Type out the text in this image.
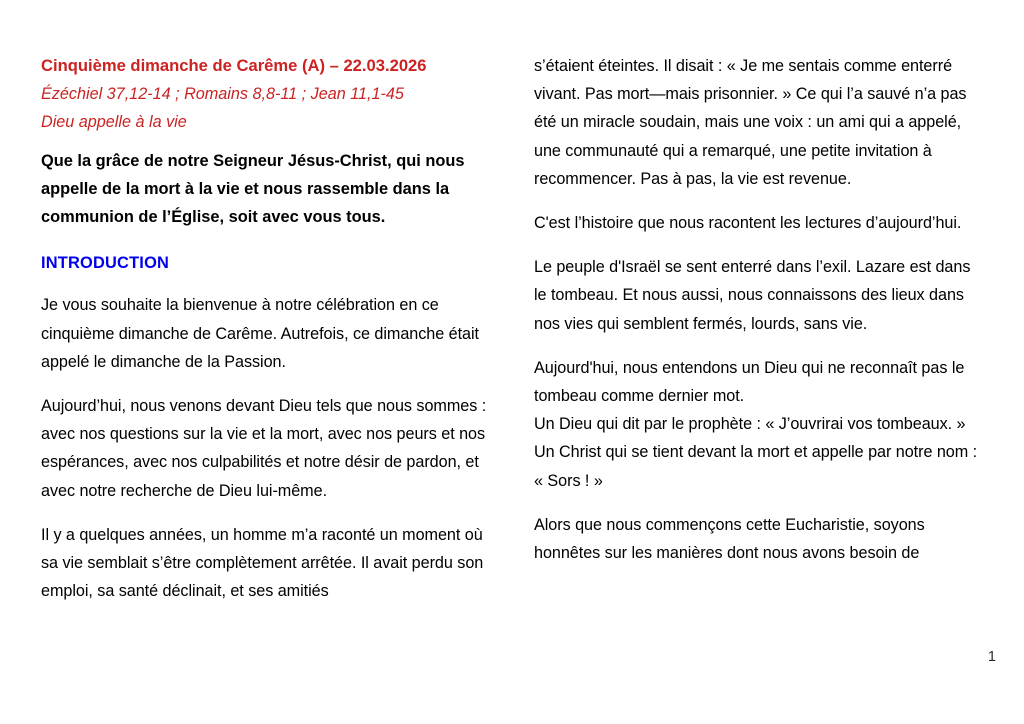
Cinquième dimanche de Carême (A) – 22.03.2026

Ézéchiel 37,12-14 ; Romains 8,8-11 ; Jean 11,1-45

Dieu appelle à la vie

Que la grâce de notre Seigneur Jésus-Christ, qui nous appelle de la mort à la vie et nous rassemble dans la communion de l’Église, soit avec vous tous.

INTRODUCTION

Je vous souhaite la bienvenue à notre célébration en ce cinquième dimanche de Carême. Autrefois, ce dimanche était appelé le dimanche de la Passion.

Aujourd’hui, nous venons devant Dieu tels que nous sommes : avec nos questions sur la vie et la mort, avec nos peurs et nos espérances, avec nos culpabilités et notre désir de pardon, et avec notre recherche de Dieu lui-même.

Il y a quelques années, un homme m’a raconté un moment où sa vie semblait s’être complètement arrêtée. Il avait perdu son emploi, sa santé déclinait, et ses amitiés

s’étaient éteintes. Il disait : « Je me sentais comme enterré vivant. Pas mort—mais prisonnier. » Ce qui l’a sauvé n’a pas été un miracle soudain, mais une voix : un ami qui a appelé, une communauté qui a remarqué, une petite invitation à recommencer. Pas à pas, la vie est revenue.

C'est l’histoire que nous racontent les lectures d’aujourd’hui.

Le peuple d'Israël se sent enterré dans l’exil. Lazare est dans le tombeau. Et nous aussi, nous connaissons des lieux dans nos vies qui semblent fermés, lourds, sans vie.

Aujourd'hui, nous entendons un Dieu qui ne reconnaît pas le tombeau comme dernier mot.
Un Dieu qui dit par le prophète : « J’ouvrirai vos tombeaux. »
Un Christ qui se tient devant la mort et appelle par notre nom : « Sors ! »

Alors que nous commençons cette Eucharistie, soyons honnêtes sur les manières dont nous avons besoin de

1
